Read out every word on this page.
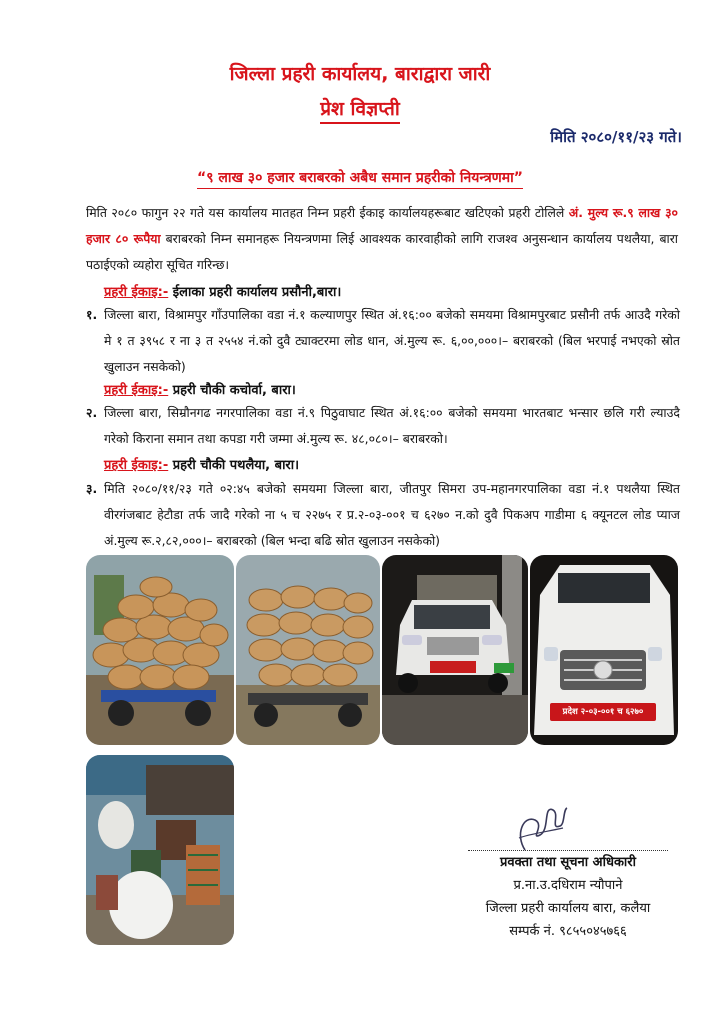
जिल्ला प्रहरी कार्यालय, बाराद्वारा जारी
प्रेश विज्ञप्ती
मिति २०८०/११/२३ गते।
“९ लाख ३० हजार बराबरको अबैध समान प्रहरीको नियन्त्रणमा”
मिति २०८० फागुन २२ गते यस कार्यालय मातहत निम्न प्रहरी ईकाइ कार्यालयहरूबाट खटिएको प्रहरी टोलिले अं. मुल्य रू.९ लाख ३० हजार ८० रूपैया बराबरको निम्न समानहरू नियन्त्रणमा लिई आवश्यक कारवाहीको लागि राजश्व अनुसन्धान कार्यालय पथलैया, बारा पठाईएको व्यहोरा सूचित गरिन्छ।
प्रहरी ईकाइ:- ईलाका प्रहरी कार्यालय प्रसौनी,बारा।
१. जिल्ला बारा, विश्रामपुर गाँउपालिका वडा नं.१ कल्याणपुर स्थित अं.१६:०० बजेको समयमा विश्रामपुरबाट प्रसौनी तर्फ आउदै गरेको मे १ त ३९५८ र ना ३ त २५५४ नं.को दुवै ट्याक्टरमा लोड धान, अं.मुल्य रू. ६,००,०००।– बराबरको (बिल भरपाई नभएको स्रोत खुलाउन नसकेको)
प्रहरी ईकाइ:- प्रहरी चौकी कचोर्वा, बारा।
२. जिल्ला बारा, सिम्रौनगढ नगरपालिका वडा नं.९ पिठुवाघाट स्थित अं.१६:०० बजेको समयमा भारतबाट भन्सार छलि गरी ल्याउदै गरेको किराना समान तथा कपडा गरी जम्मा अं.मुल्य रू. ४८,०८०।– बराबरको।
प्रहरी ईकाइ:- प्रहरी चौकी पथलैया, बारा।
३. मिति २०८०/११/२३ गते ०२:४५ बजेको समयमा जिल्ला बारा, जीतपुर सिमरा उप-महानगरपालिका वडा नं.१ पथलैया स्थित वीरगंजबाट हेटौडा तर्फ जादै गरेको ना ५ च २२७५ र प्र.२-०३-००१ च ६२७० न.को दुवै पिकअप गाडीमा ६ क्यूनटल लोड प्याज अं.मुल्य रू.२,८२,०००।– बराबरको (बिल भन्दा बढि स्रोत खुलाउन नसकेको)
प्रदेश २-०३-००१ च ६२७०
प्रवक्ता तथा सूचना अधिकारी
प्र.ना.उ.दधिराम न्यौपाने
जिल्ला प्रहरी कार्यालय बारा, कलैया
सम्पर्क नं. ९८५५०४५७६६
